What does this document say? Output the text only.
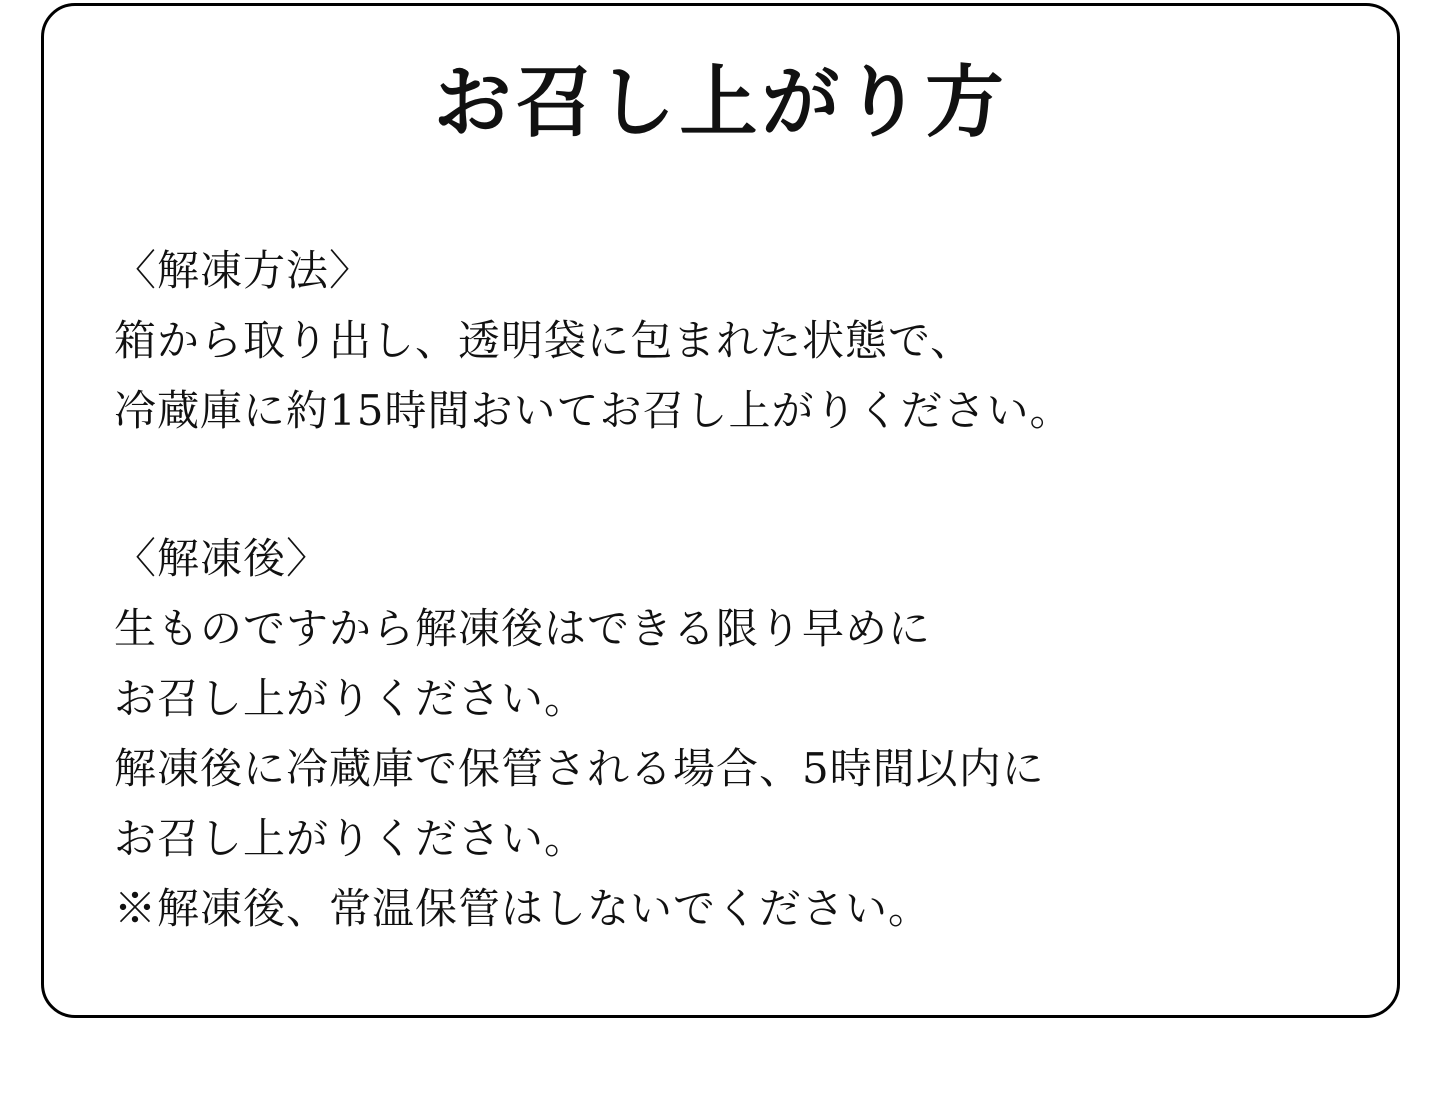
お召し上がり方
〈解凍方法〉
箱から取り出し、透明袋に包まれた状態で、
冷蔵庫に約15時間おいてお召し上がりください。
〈解凍後〉
生ものですから解凍後はできる限り早めに
お召し上がりください。
解凍後に冷蔵庫で保管される場合、5時間以内に
お召し上がりください。
※解凍後、常温保管はしないでください。
